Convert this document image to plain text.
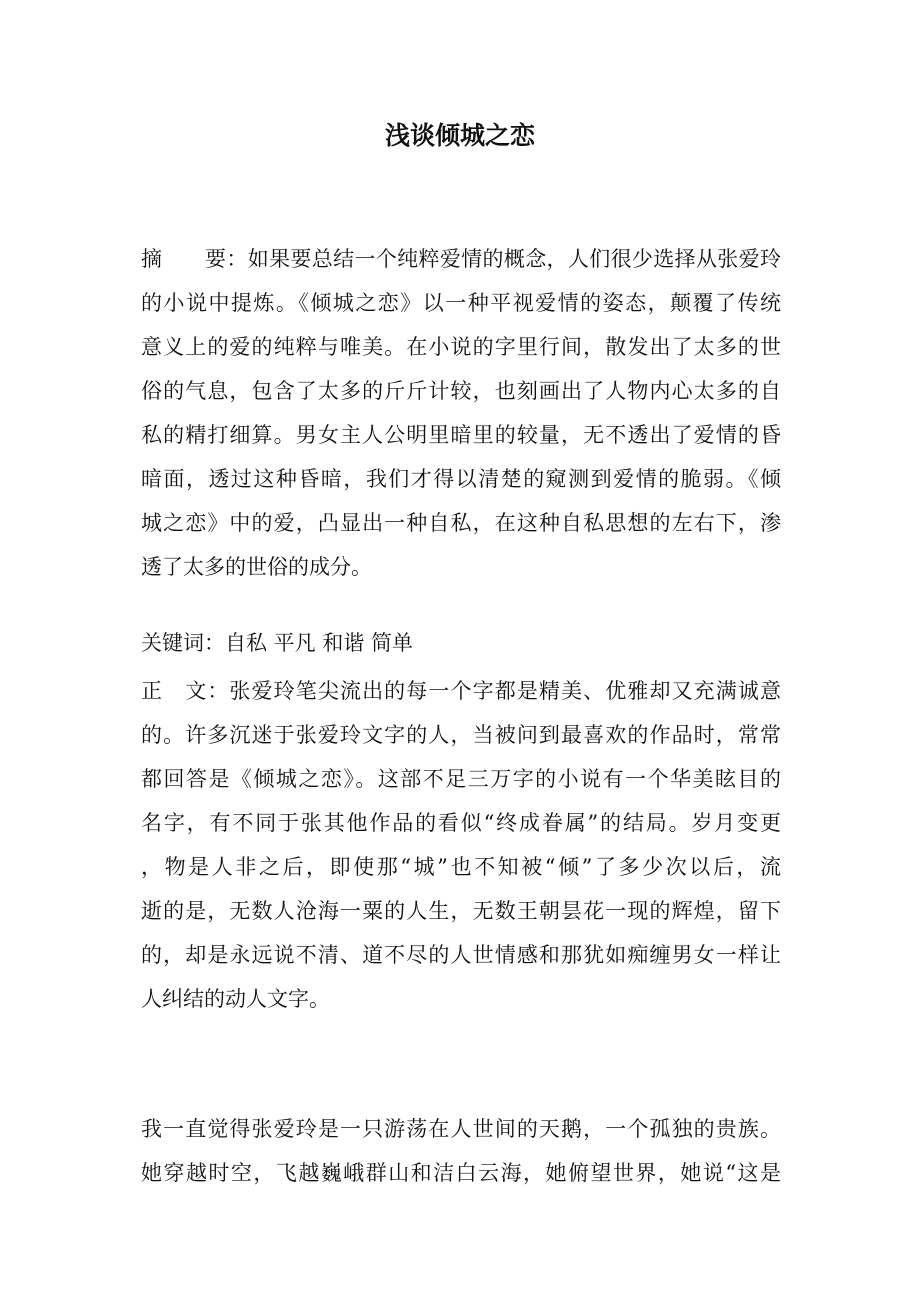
浅谈倾城之恋
摘　　要：如果要总结一个纯粹爱情的概念，人们很少选择从张爱玲
的小说中提炼。《倾城之恋》以一种平视爱情的姿态，颠覆了传统
意义上的爱的纯粹与唯美。在小说的字里行间，散发出了太多的世
俗的气息，包含了太多的斤斤计较，也刻画出了人物内心太多的自
私的精打细算。男女主人公明里暗里的较量，无不透出了爱情的昏
暗面，透过这种昏暗，我们才得以清楚的窥测到爱情的脆弱。《倾
城之恋》中的爱，凸显出一种自私，在这种自私思想的左右下，渗
透了太多的世俗的成分。
关键词：自私 平凡 和谐 简单
正　文：张爱玲笔尖流出的每一个字都是精美、优雅却又充满诚意
的。许多沉迷于张爱玲文字的人，当被问到最喜欢的作品时，常常
都回答是《倾城之恋》。这部不足三万字的小说有一个华美眩目的
名字，有不同于张其他作品的看似“终成眷属”的结局。岁月变更
，物是人非之后，即使那“城”也不知被“倾”了多少次以后，流
逝的是，无数人沧海一粟的人生，无数王朝昙花一现的辉煌，留下
的，却是永远说不清、道不尽的人世情感和那犹如痴缠男女一样让
人纠结的动人文字。
我一直觉得张爱玲是一只游荡在人世间的天鹅，一个孤独的贵族。
她穿越时空，飞越巍峨群山和洁白云海，她俯望世界，她说“这是
